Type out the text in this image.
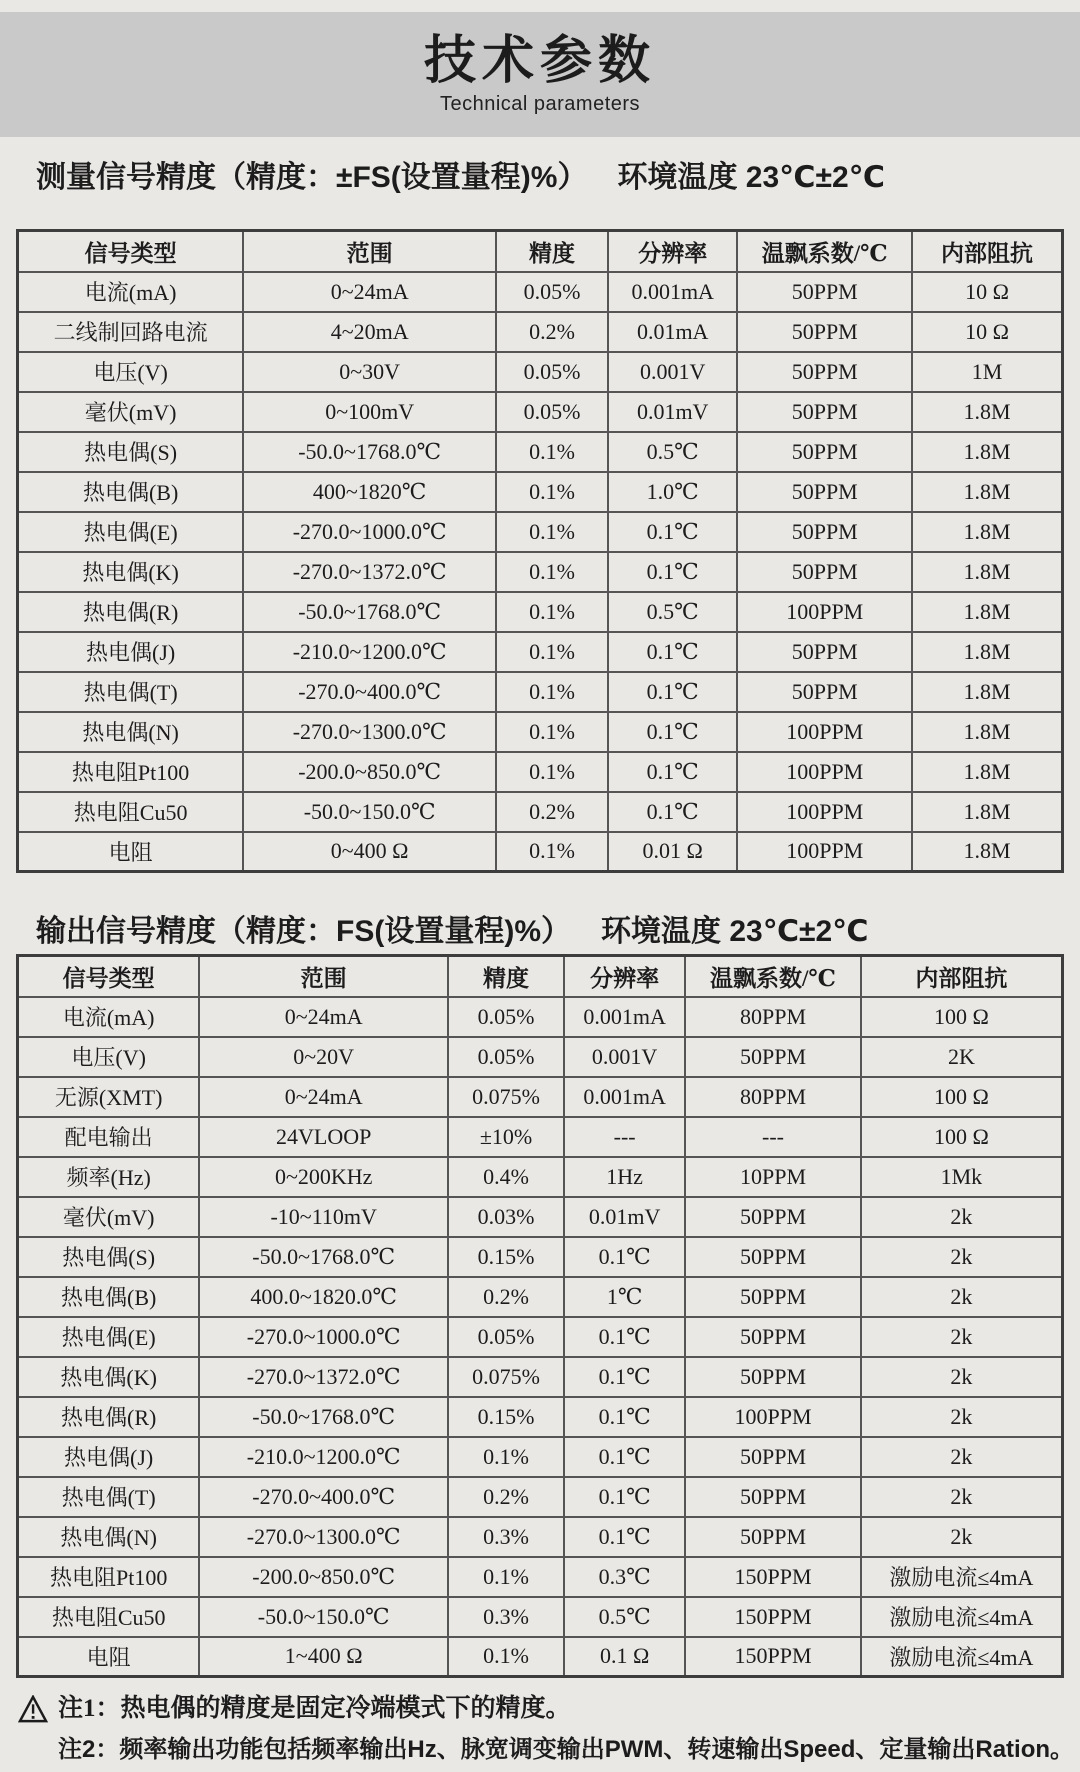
技术参数
Technical parameters
测量信号精度（精度：±FS(设置量程)%） 环境温度 23℃±2℃
信号类型	范围	精度	分辨率	温飘系数/℃	内部阻抗
电流(mA)	0~24mA	0.05%	0.001mA	50PPM	10 Ω
二线制回路电流	4~20mA	0.2%	0.01mA	50PPM	10 Ω
电压(V)	0~30V	0.05%	0.001V	50PPM	1M
毫伏(mV)	0~100mV	0.05%	0.01mV	50PPM	1.8M
热电偶(S)	-50.0~1768.0℃	0.1%	0.5℃	50PPM	1.8M
热电偶(B)	400~1820℃	0.1%	1.0℃	50PPM	1.8M
热电偶(E)	-270.0~1000.0℃	0.1%	0.1℃	50PPM	1.8M
热电偶(K)	-270.0~1372.0℃	0.1%	0.1℃	50PPM	1.8M
热电偶(R)	-50.0~1768.0℃	0.1%	0.5℃	100PPM	1.8M
热电偶(J)	-210.0~1200.0℃	0.1%	0.1℃	50PPM	1.8M
热电偶(T)	-270.0~400.0℃	0.1%	0.1℃	50PPM	1.8M
热电偶(N)	-270.0~1300.0℃	0.1%	0.1℃	100PPM	1.8M
热电阻Pt100	-200.0~850.0℃	0.1%	0.1℃	100PPM	1.8M
热电阻Cu50	-50.0~150.0℃	0.2%	0.1℃	100PPM	1.8M
电阻	0~400 Ω	0.1%	0.01 Ω	100PPM	1.8M
输出信号精度（精度：FS(设置量程)%） 环境温度 23℃±2℃
信号类型	范围	精度	分辨率	温飘系数/℃	内部阻抗
电流(mA)	0~24mA	0.05%	0.001mA	80PPM	100 Ω
电压(V)	0~20V	0.05%	0.001V	50PPM	2K
无源(XMT)	0~24mA	0.075%	0.001mA	80PPM	100 Ω
配电输出	24VLOOP	±10%	---	---	100 Ω
频率(Hz)	0~200KHz	0.4%	1Hz	10PPM	1Mk
毫伏(mV)	-10~110mV	0.03%	0.01mV	50PPM	2k
热电偶(S)	-50.0~1768.0℃	0.15%	0.1℃	50PPM	2k
热电偶(B)	400.0~1820.0℃	0.2%	1℃	50PPM	2k
热电偶(E)	-270.0~1000.0℃	0.05%	0.1℃	50PPM	2k
热电偶(K)	-270.0~1372.0℃	0.075%	0.1℃	50PPM	2k
热电偶(R)	-50.0~1768.0℃	0.15%	0.1℃	100PPM	2k
热电偶(J)	-210.0~1200.0℃	0.1%	0.1℃	50PPM	2k
热电偶(T)	-270.0~400.0℃	0.2%	0.1℃	50PPM	2k
热电偶(N)	-270.0~1300.0℃	0.3%	0.1℃	50PPM	2k
热电阻Pt100	-200.0~850.0℃	0.1%	0.3℃	150PPM	激励电流≤4mA
热电阻Cu50	-50.0~150.0℃	0.3%	0.5℃	150PPM	激励电流≤4mA
电阻	1~400 Ω	0.1%	0.1 Ω	150PPM	激励电流≤4mA
注1： 热电偶的精度是固定冷端模式下的精度。
注2： 频率输出功能包括频率输出Hz、脉宽调变输出PWM、转速输出Speed、定量输出Ration。
